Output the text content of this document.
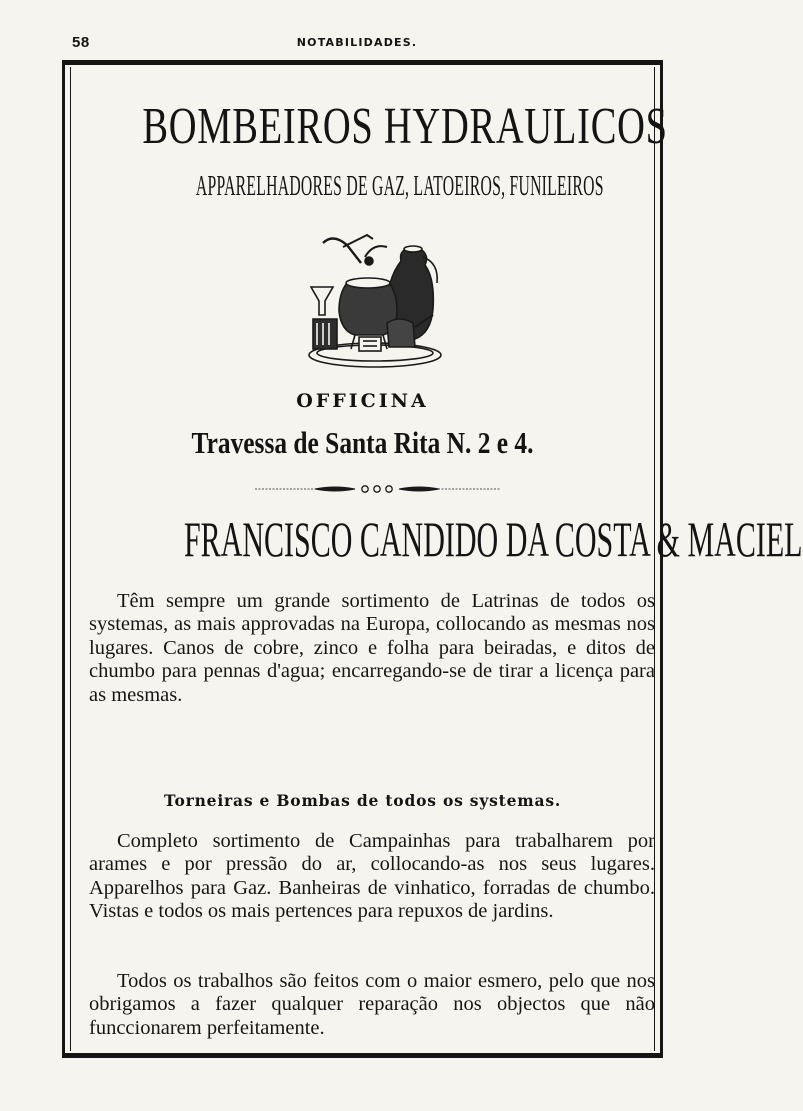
58	NOTABILIDADES.
BOMBEIROS HYDRAULICOS
APPARELHADORES DE GAZ, LATOEIROS, FUNILEIROS
OFFICINA
Travessa de Santa Rita N. 2 e 4.
FRANCISCO CANDIDO DA COSTA & MACIEL
Têm sempre um grande sortimento de Latrinas de todos os systemas, as mais approvadas na Europa, collocando as mesmas nos lugares. Canos de cobre, zinco e folha para beiradas, e ditos de chumbo para pennas d'agua; encarregando-se de tirar a licença para as mesmas.
Torneiras e Bombas de todos os systemas.
Completo sortimento de Campainhas para trabalharem por arames e por pressão do ar, collocando-as nos seus lugares. Apparelhos para Gaz. Banheiras de vinhatico, forradas de chumbo. Vistas e todos os mais pertences para repuxos de jardins.
Todos os trabalhos são feitos com o maior esmero, pelo que nos obrigamos a fazer qualquer reparação nos objectos que não funccionarem perfeitamente.
